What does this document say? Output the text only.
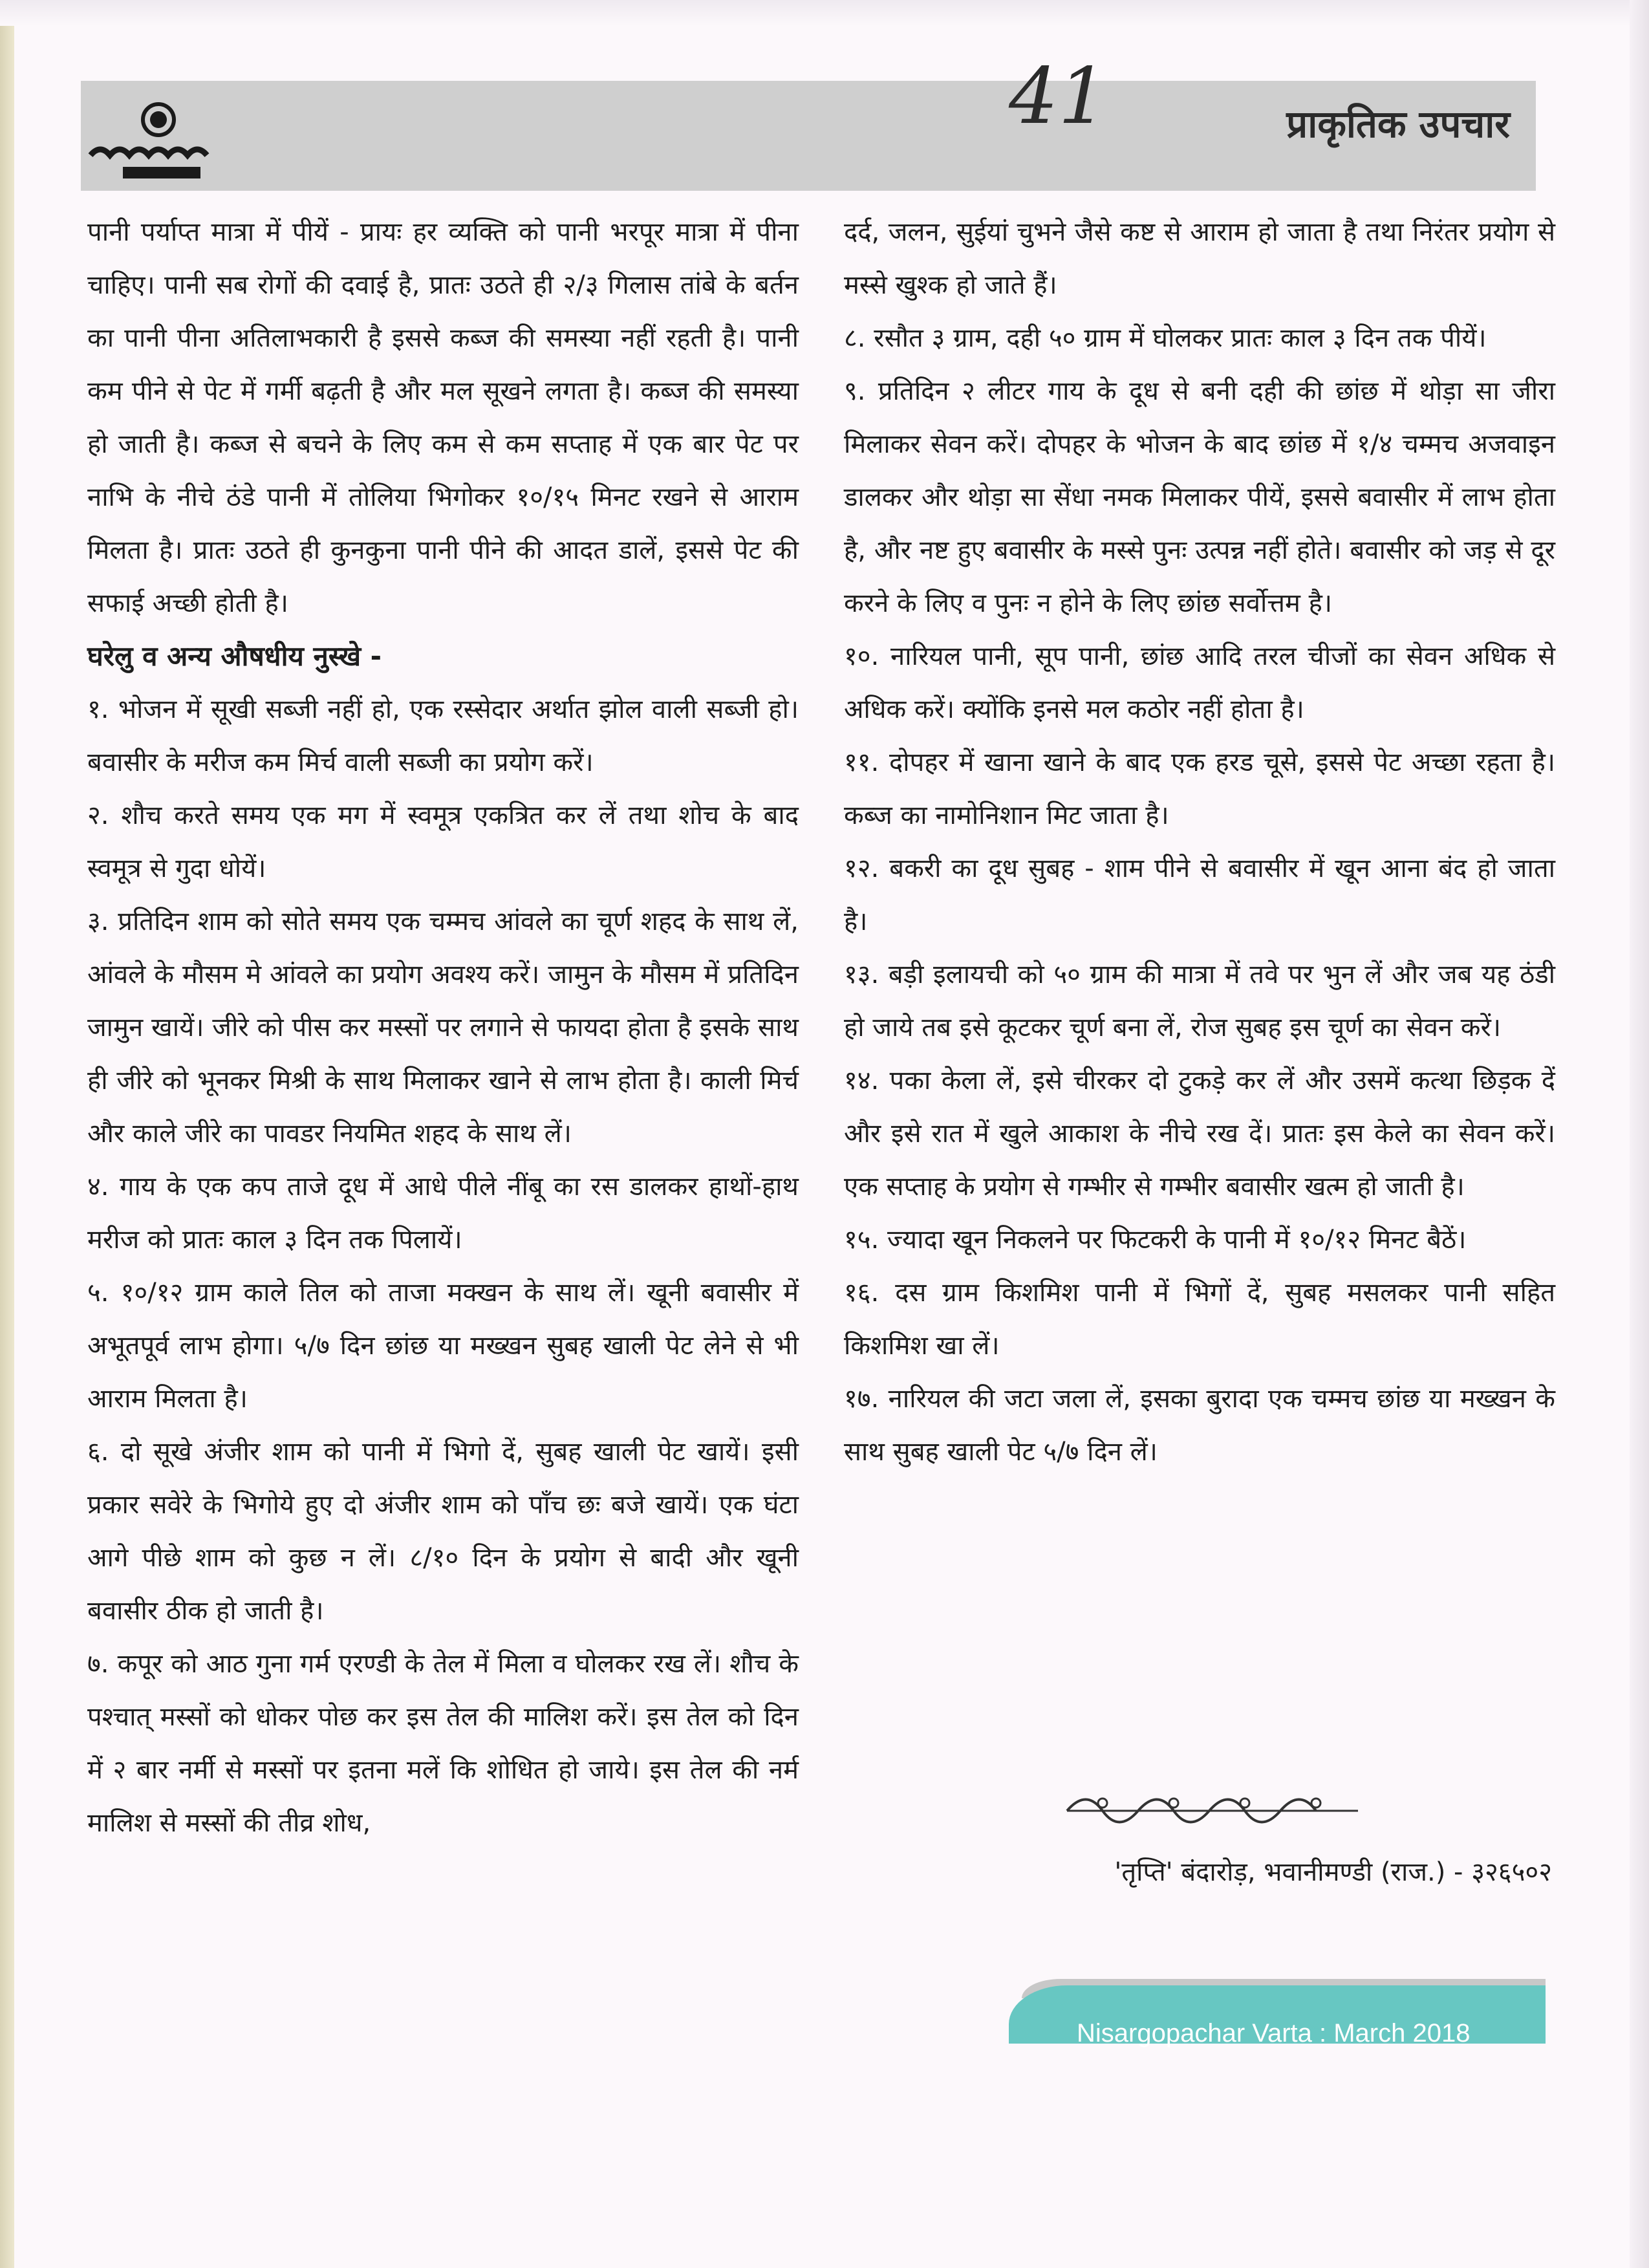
41	प्राकृतिक उपचार

पानी पर्याप्त मात्रा में पीयें - प्रायः हर व्यक्ति को पानी भरपूर मात्रा में पीना चाहिए। पानी सब रोगों की दवाई है, प्रातः उठते ही २/३ गिलास तांबे के बर्तन का पानी पीना अतिलाभकारी है इससे कब्ज की समस्या नहीं रहती है। पानी कम पीने से पेट में गर्मी बढ़ती है और मल सूखने लगता है। कब्ज की समस्या हो जाती है। कब्ज से बचने के लिए कम से कम सप्ताह में एक बार पेट पर नाभि के नीचे ठंडे पानी में तोलिया भिगोकर १०/१५ मिनट रखने से आराम मिलता है। प्रातः उठते ही कुनकुना पानी पीने की आदत डालें, इससे पेट की सफाई अच्छी होती है।

घरेलु व अन्य औषधीय नुस्खे -

१. भोजन में सूखी सब्जी नहीं हो, एक रस्सेदार अर्थात झोल वाली सब्जी हो। बवासीर के मरीज कम मिर्च वाली सब्जी का प्रयोग करें।

२. शौच करते समय एक मग में स्वमूत्र एकत्रित कर लें तथा शोच के बाद स्वमूत्र से गुदा धोयें।

३. प्रतिदिन शाम को सोते समय एक चम्मच आंवले का चूर्ण शहद के साथ लें, आंवले के मौसम मे आंवले का प्रयोग अवश्य करें। जामुन के मौसम में प्रतिदिन जामुन खायें। जीरे को पीस कर मस्सों पर लगाने से फायदा होता है इसके साथ ही जीरे को भूनकर मिश्री के साथ मिलाकर खाने से लाभ होता है। काली मिर्च और काले जीरे का पावडर नियमित शहद के साथ लें।

४. गाय के एक कप ताजे दूध में आधे पीले नींबू का रस डालकर हाथों-हाथ मरीज को प्रातः काल ३ दिन तक पिलायें।

५. १०/१२ ग्राम काले तिल को ताजा मक्खन के साथ लें। खूनी बवासीर में अभूतपूर्व लाभ होगा। ५/७ दिन छांछ या मख्खन सुबह खाली पेट लेने से भी आराम मिलता है।

६. दो सूखे अंजीर शाम को पानी में भिगो दें, सुबह खाली पेट खायें। इसी प्रकार सवेरे के भिगोये हुए दो अंजीर शाम को पाँच छः बजे खायें। एक घंटा आगे पीछे शाम को कुछ न लें। ८/१० दिन के प्रयोग से बादी और खूनी बवासीर ठीक हो जाती है।

७. कपूर को आठ गुना गर्म एरण्डी के तेल में मिला व घोलकर रख लें। शौच के पश्चात् मस्सों को धोकर पोछ कर इस तेल की मालिश करें। इस तेल को दिन में २ बार नर्मी से मस्सों पर इतना मलें कि शोधित हो जाये। इस तेल की नर्म मालिश से मस्सों की तीव्र शोध,

दर्द, जलन, सुईयां चुभने जैसे कष्ट से आराम हो जाता है तथा निरंतर प्रयोग से मस्से खुश्क हो जाते हैं।

८. रसौत ३ ग्राम, दही ५० ग्राम में घोलकर प्रातः काल ३ दिन तक पीयें।

९. प्रतिदिन २ लीटर गाय के दूध से बनी दही की छांछ में थोड़ा सा जीरा मिलाकर सेवन करें। दोपहर के भोजन के बाद छांछ में १/४ चम्मच अजवाइन डालकर और थोड़ा सा सेंधा नमक मिलाकर पीयें, इससे बवासीर में लाभ होता है, और नष्ट हुए बवासीर के मस्से पुनः उत्पन्न नहीं होते। बवासीर को जड़ से दूर करने के लिए व पुनः न होने के लिए छांछ सर्वोत्तम है।

१०. नारियल पानी, सूप पानी, छांछ आदि तरल चीजों का सेवन अधिक से अधिक करें। क्योंकि इनसे मल कठोर नहीं होता है।

११. दोपहर में खाना खाने के बाद एक हरड चूसे, इससे पेट अच्छा रहता है। कब्ज का नामोनिशान मिट जाता है।

१२. बकरी का दूध सुबह - शाम पीने से बवासीर में खून आना बंद हो जाता है।

१३. बड़ी इलायची को ५० ग्राम की मात्रा में तवे पर भुन लें और जब यह ठंडी हो जाये तब इसे कूटकर चूर्ण बना लें, रोज सुबह इस चूर्ण का सेवन करें।

१४. पका केला लें, इसे चीरकर दो टुकड़े कर लें और उसमें कत्था छिड़क दें और इसे रात में खुले आकाश के नीचे रख दें। प्रातः इस केले का सेवन करें। एक सप्ताह के प्रयोग से गम्भीर से गम्भीर बवासीर खत्म हो जाती है।

१५. ज्यादा खून निकलने पर फिटकरी के पानी में १०/१२ मिनट बैठें।

१६. दस ग्राम किशमिश पानी में भिगों दें, सुबह मसलकर पानी सहित किशमिश खा लें।

१७. नारियल की जटा जला लें, इसका बुरादा एक चम्मच छांछ या मख्खन के साथ सुबह खाली पेट ५/७ दिन लें।

'तृप्ति' बंदारोड़, भवानीमण्डी (राज.) - ३२६५०२
Nisargopachar Varta : March 2018
